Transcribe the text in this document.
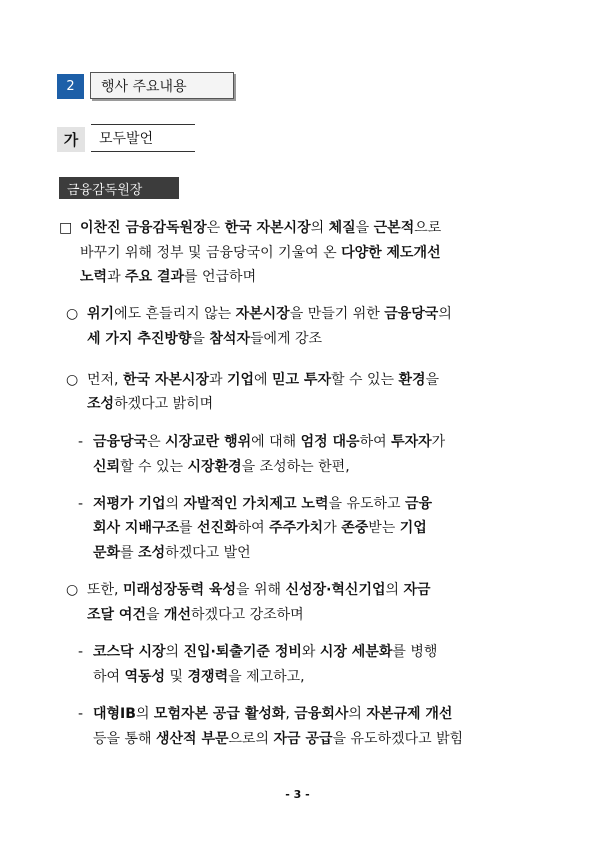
2	행사 주요내용
가	모두발언
금융감독원장
□ 이찬진 금융감독원장은 한국 자본시장의 체질을 근본적으로
바꾸기 위해 정부 및 금융당국이 기울여 온 다양한 제도개선
노력과 주요 결과를 언급하며
○ 위기에도 흔들리지 않는 자본시장을 만들기 위한 금융당국의
세 가지 추진방향을 참석자들에게 강조
○ 먼저, 한국 자본시장과 기업에 믿고 투자할 수 있는 환경을
조성하겠다고 밝히며
- 금융당국은 시장교란 행위에 대해 엄정 대응하여 투자자가
신뢰할 수 있는 시장환경을 조성하는 한편,
- 저평가 기업의 자발적인 가치제고 노력을 유도하고 금융
회사 지배구조를 선진화하여 주주가치가 존중받는 기업
문화를 조성하겠다고 발언
○ 또한, 미래성장동력 육성을 위해 신성장·혁신기업의 자금
조달 여건을 개선하겠다고 강조하며
- 코스닥 시장의 진입·퇴출기준 정비와 시장 세분화를 병행
하여 역동성 및 경쟁력을 제고하고,
- 대형IB의 모험자본 공급 활성화, 금융회사의 자본규제 개선
등을 통해 생산적 부문으로의 자금 공급을 유도하겠다고 밝힘
- 3 -
